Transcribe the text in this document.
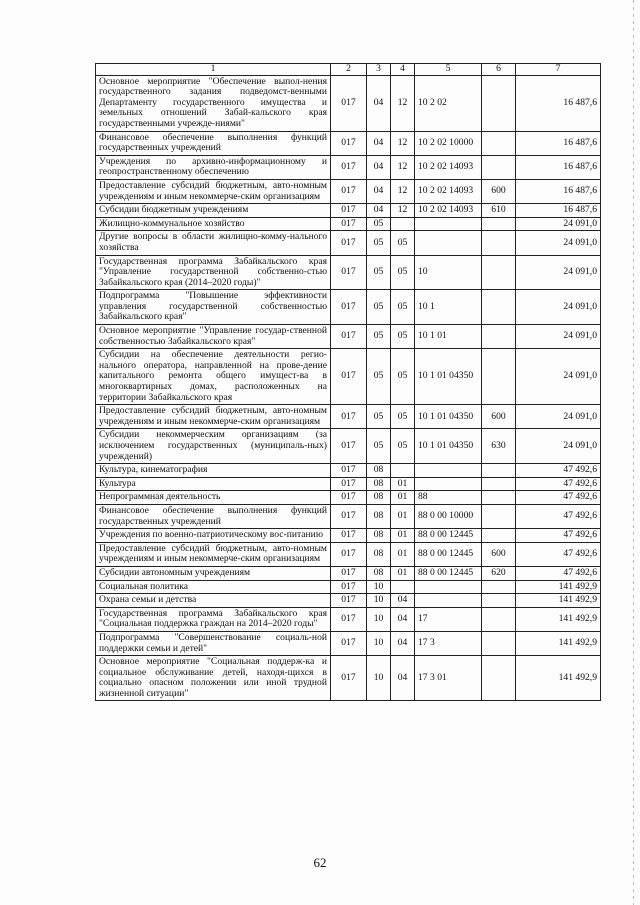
1	2	3	4	5	6	7
Основное мероприятие "Обеспечение выпол-нения государственного задания подведомст-венными Департаменту государственного имущества и земельных отношений Забай-кальского края государственными учрежде-ниями"	017	04	12	10 2 02		16 487,6
Финансовое обеспечение выполнения функций государственных учреждений	017	04	12	10 2 02 10000		16 487,6
Учреждения по архивно-информационному и геопространственному обеспечению	017	04	12	10 2 02 14093		16 487,6
Предоставление субсидий бюджетным, авто-номным учреждениям и иным некоммерче-ским организациям	017	04	12	10 2 02 14093	600	16 487,6
Субсидии бюджетным учреждениям	017	04	12	10 2 02 14093	610	16 487,6
Жилищно-коммунальное хозяйство	017	05				24 091,0
Другие вопросы в области жилищно-комму-нального хозяйства	017	05	05			24 091,0
Государственная программа Забайкальского края "Управление государственной собственно-стью Забайкальского края (2014–2020 годы)"	017	05	05	10		24 091,0
Подпрограмма "Повышение эффективности управления государственной собственностью Забайкальского края"	017	05	05	10 1		24 091,0
Основное мероприятие "Управление государ-ственной собственностью Забайкальского края"	017	05	05	10 1 01		24 091,0
Субсидии на обеспечение деятельности регио-нального оператора, направленной на прове-дение капитального ремонта общего имущест-ва в многоквартирных домах, расположенных на территории Забайкальского края	017	05	05	10 1 01 04350		24 091,0
Предоставление субсидий бюджетным, авто-номным учреждениям и иным некоммерче-ским организациям	017	05	05	10 1 01 04350	600	24 091,0
Субсидии некоммерческим организациям (за исключением государственных (муниципаль-ных) учреждений)	017	05	05	10 1 01 04350	630	24 091,0
Культура, кинематография	017	08				47 492,6
Культура	017	08	01			47 492,6
Непрограммная деятельность	017	08	01	88		47 492,6
Финансовое обеспечение выполнения функций государственных учреждений	017	08	01	88 0 00 10000		47 492,6
Учреждения по военно-патриотическому вос-питанию	017	08	01	88 0 00 12445		47 492,6
Предоставление субсидий бюджетным, авто-номным учреждениям и иным некоммерче-ским организациям	017	08	01	88 0 00 12445	600	47 492,6
Субсидии автономным учреждениям	017	08	01	88 0 00 12445	620	47 492,6
Социальная политика	017	10				141 492,9
Охрана семьи и детства	017	10	04			141 492,9
Государственная программа Забайкальского края "Социальная поддержка граждан на 2014–2020 годы"	017	10	04	17		141 492,9
Подпрограмма "Совершенствование социаль-ной поддержки семьи и детей"	017	10	04	17 3		141 492,9
Основное мероприятие "Социальная поддерж-ка и социальное обслуживание детей, находя-щихся в социально опасном положении или иной трудной жизненной ситуации"	017	10	04	17 3 01		141 492,9
62
